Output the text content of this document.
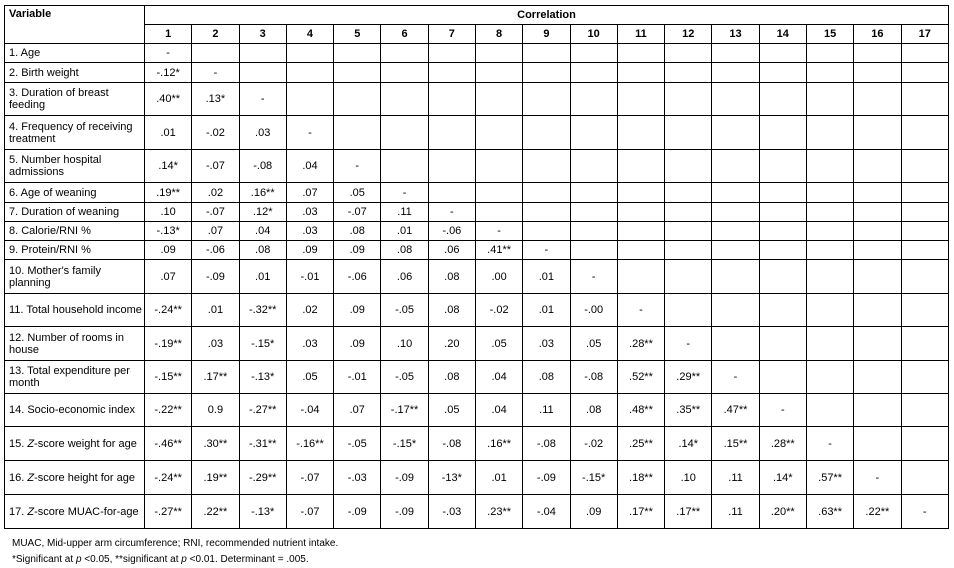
Variable	Correlation																
	1	2	3	4	5	6	7	8	9	10	11	12	13	14	15	16	17
1. Age	-																
2. Birth weight	-.12*	-															
3. Duration of breast feeding	.40**	.13*	-														
4. Frequency of receiving treatment	.01	-.02	.03	-													
5. Number hospital admissions	.14*	-.07	-.08	.04	-												
6. Age of weaning	.19**	.02	.16**	.07	.05	-											
7. Duration of weaning	.10	-.07	.12*	.03	-.07	.11	-										
8. Calorie/RNI %	-.13*	.07	.04	.03	.08	.01	-.06	-									
9. Protein/RNI %	.09	-.06	.08	.09	.09	.08	.06	.41**	-								
10. Mother's family planning	.07	-.09	.01	-.01	-.06	.06	.08	.00	.01	-							
11. Total household income	-.24**	.01	-.32**	.02	.09	-.05	.08	-.02	.01	-.00	-						
12. Number of rooms in house	-.19**	.03	-.15*	.03	.09	.10	.20	.05	.03	.05	.28**	-					
13. Total expenditure per month	-.15**	.17**	-.13*	.05	-.01	-.05	.08	.04	.08	-.08	.52**	.29**	-				
14. Socio-economic index	-.22**	0.9	-.27**	-.04	.07	-.17**	.05	.04	.11	.08	.48**	.35**	.47**	-			
15. Z-score weight for age	-.46**	.30**	-.31**	-.16**	-.05	-.15*	-.08	.16**	-.08	-.02	.25**	.14*	.15**	.28**	-		
16. Z-score height for age	-.24**	.19**	-.29**	-.07	-.03	-.09	-13*	.01	-.09	-.15*	.18**	.10	.11	.14*	.57**	-	
17. Z-score MUAC-for-age	-.27**	.22**	-.13*	-.07	-.09	-.09	-.03	.23**	-.04	.09	.17**	.17**	.11	.20**	.63**	.22**	-
MUAC, Mid-upper arm circumference; RNI, recommended nutrient intake.
*Significant at p <0.05, **significant at p <0.01. Determinant = .005.
